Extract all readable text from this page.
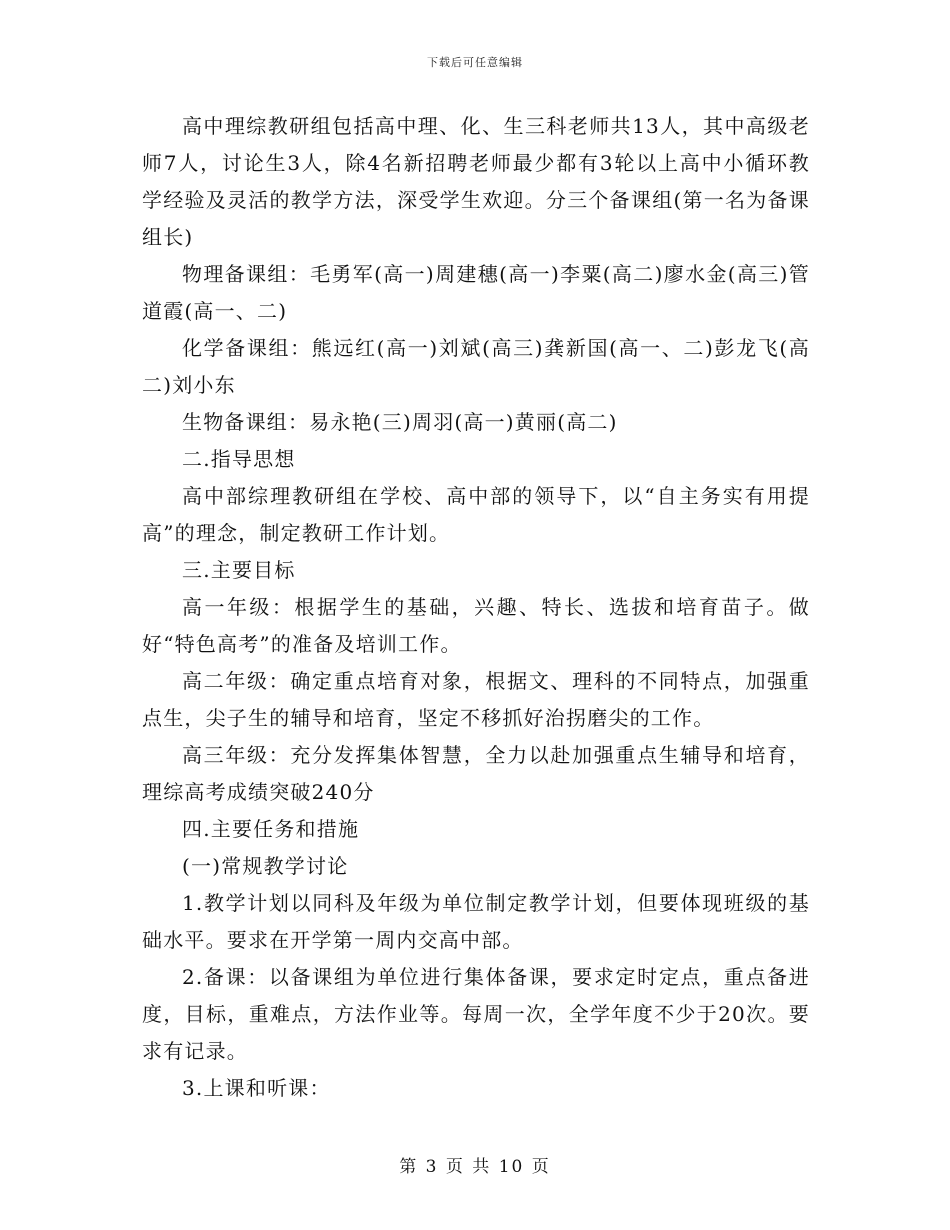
下载后可任意编辑

高中理综教研组包括高中理、化、生三科老师共13人，其中高级老师7人，讨论生3人，除4名新招聘老师最少都有3轮以上高中小循环教学经验及灵活的教学方法，深受学生欢迎。分三个备课组(第一名为备课组长)

物理备课组：毛勇军(高一)周建穗(高一)李粟(高二)廖水金(高三)管道霞(高一、二)

化学备课组：熊远红(高一)刘斌(高三)龚新国(高一、二)彭龙飞(高二)刘小东

生物备课组：易永艳(三)周羽(高一)黄丽(高二)

二.指导思想

高中部综理教研组在学校、高中部的领导下，以“自主务实有用提高”的理念，制定教研工作计划。

三.主要目标

高一年级：根据学生的基础，兴趣、特长、选拔和培育苗子。做好“特色高考”的准备及培训工作。

高二年级：确定重点培育对象，根据文、理科的不同特点，加强重点生，尖子生的辅导和培育，坚定不移抓好治拐磨尖的工作。

高三年级：充分发挥集体智慧，全力以赴加强重点生辅导和培育，理综高考成绩突破240分

四.主要任务和措施

(一)常规教学讨论

1.教学计划以同科及年级为单位制定教学计划，但要体现班级的基础水平。要求在开学第一周内交高中部。

2.备课：以备课组为单位进行集体备课，要求定时定点，重点备进度，目标，重难点，方法作业等。每周一次，全学年度不少于20次。要求有记录。

3.上课和听课：

第 3 页 共 10 页
